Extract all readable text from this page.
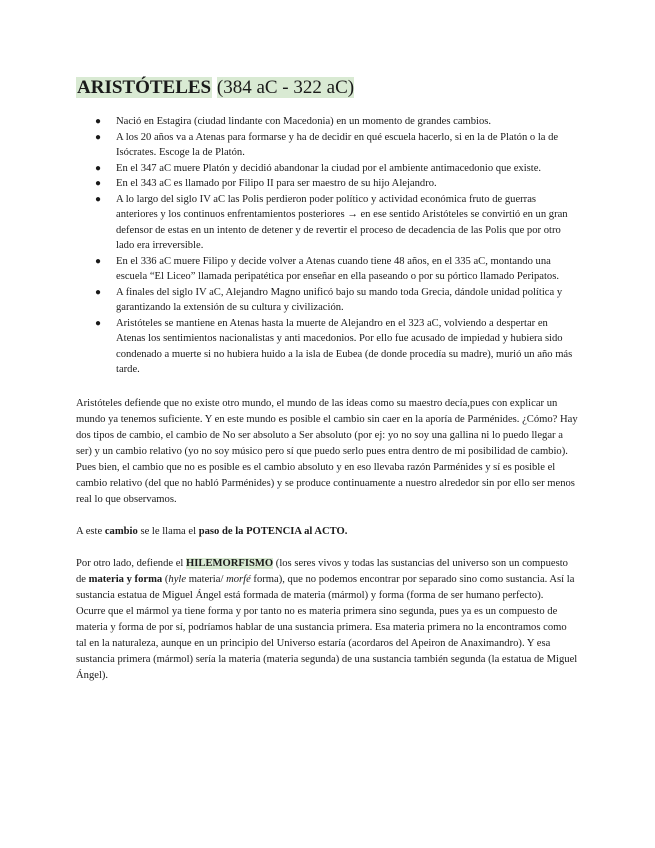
ARISTÓTELES (384 aC - 322 aC)
● Nació en Estagira (ciudad lindante con Macedonia) en un momento de grandes cambios.
● A los 20 años va a Atenas para formarse y ha de decidir en qué escuela hacerlo, si en la de Platón o la de Isócrates. Escoge la de Platón.
● En el 347 aC muere Platón y decidió abandonar la ciudad por el ambiente antimacedonio que existe.
● En el 343 aC es llamado por Filipo II para ser maestro de su hijo Alejandro.
● A lo largo del siglo IV aC las Polis perdieron poder político y actividad económica fruto de guerras anteriores y los continuos enfrentamientos posteriores → en ese sentido Aristóteles se convirtió en un gran defensor de estas en un intento de detener y de revertir el proceso de decadencia de las Polis que por otro lado era irreversible.
● En el 336 aC muere Filipo y decide volver a Atenas cuando tiene 48 años, en el 335 aC, montando una escuela “El Liceo” llamada peripatética por enseñar en ella paseando o por su pórtico llamado Peripatos.
● A finales del siglo IV aC, Alejandro Magno unificó bajo su mando toda Grecia, dándole unidad política y garantizando la extensión de su cultura y civilización.
● Aristóteles se mantiene en Atenas hasta la muerte de Alejandro en el 323 aC, volviendo a despertar en Atenas los sentimientos nacionalistas y anti macedonios. Por ello fue acusado de impiedad y hubiera sido condenado a muerte si no hubiera huido a la isla de Eubea (de donde procedía su madre), murió un año más tarde.

Aristóteles defiende que no existe otro mundo, el mundo de las ideas como su maestro decía,pues con explicar un mundo ya tenemos suficiente. Y en este mundo es posible el cambio sin caer en la aporía de Parménides. ¿Cómo? Hay dos tipos de cambio, el cambio de No ser absoluto a Ser absoluto (por ej: yo no soy una gallina ni lo puedo llegar a ser) y un cambio relativo (yo no soy músico pero sí que puedo serlo pues entra dentro de mi posibilidad de cambio). Pues bien, el cambio que no es posible es el cambio absoluto y en eso llevaba razón Parménides y sí es posible el cambio relativo (del que no habló Parménides) y se produce continuamente a nuestro alrededor sin por ello ser menos real lo que observamos.

A este cambio se le llama el paso de la POTENCIA al ACTO.

Por otro lado, defiende el HILEMORFISMO (los seres vivos y todas las sustancias del universo son un compuesto de materia y forma (hyle materia/ morfé forma), que no podemos encontrar por separado sino como sustancia. Así la sustancia estatua de Miguel Ángel está formada de materia (mármol) y forma (forma de ser humano perfecto).

Ocurre que el mármol ya tiene forma y por tanto no es materia primera sino segunda, pues ya es un compuesto de materia y forma de por sí, podríamos hablar de una sustancia primera. Esa materia primera no la encontramos como tal en la naturaleza, aunque en un principio del Universo estaría (acordaros del Apeiron de Anaximandro). Y esa sustancia primera (mármol) sería la materia (materia segunda) de una sustancia también segunda (la estatua de Miguel Ángel).
